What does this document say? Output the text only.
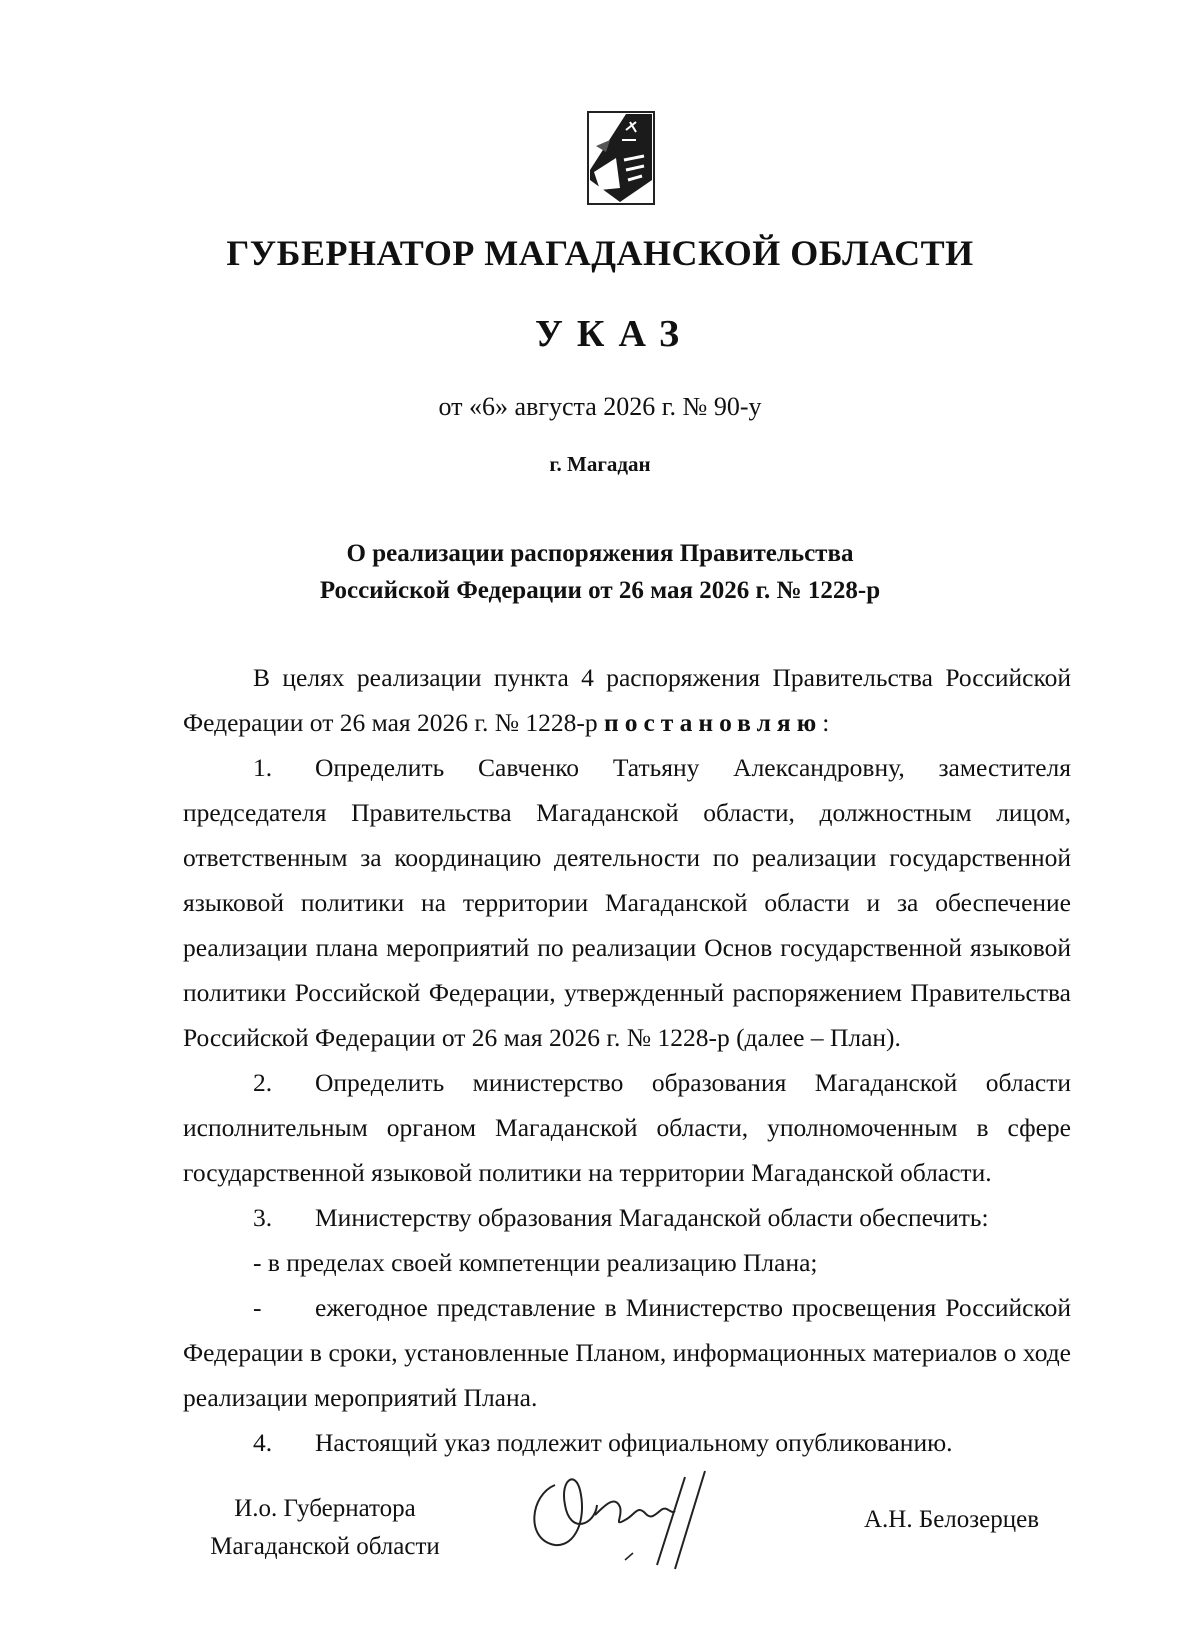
ГУБЕРНАТОР МАГАДАНСКОЙ ОБЛАСТИ
УКАЗ
от «6» августа 2026 г. № 90-у
г. Магадан
О реализации распоряжения Правительства
Российской Федерации от 26 мая 2026 г. № 1228-р

В целях реализации пункта 4 распоряжения Правительства Российской Федерации от 26 мая 2026 г. № 1228-р постановляю:

1. Определить Савченко Татьяну Александровну, заместителя председателя Правительства Магаданской области, должностным лицом, ответственным за координацию деятельности по реализации государственной языковой политики на территории Магаданской области и за обеспечение реализации плана мероприятий по реализации Основ государственной языковой политики Российской Федерации, утвержденный распоряжением Правительства Российской Федерации от 26 мая 2026 г. № 1228-р (далее – План).

2. Определить министерство образования Магаданской области исполнительным органом Магаданской области, уполномоченным в сфере государственной языковой политики на территории Магаданской области.

3. Министерству образования Магаданской области обеспечить:

- в пределах своей компетенции реализацию Плана;

- ежегодное представление в Министерство просвещения Российской Федерации в сроки, установленные Планом, информационных материалов о ходе реализации мероприятий Плана.

4. Настоящий указ подлежит официальному опубликованию.

И.о. Губернатора
Магаданской области
А.Н. Белозерцев
